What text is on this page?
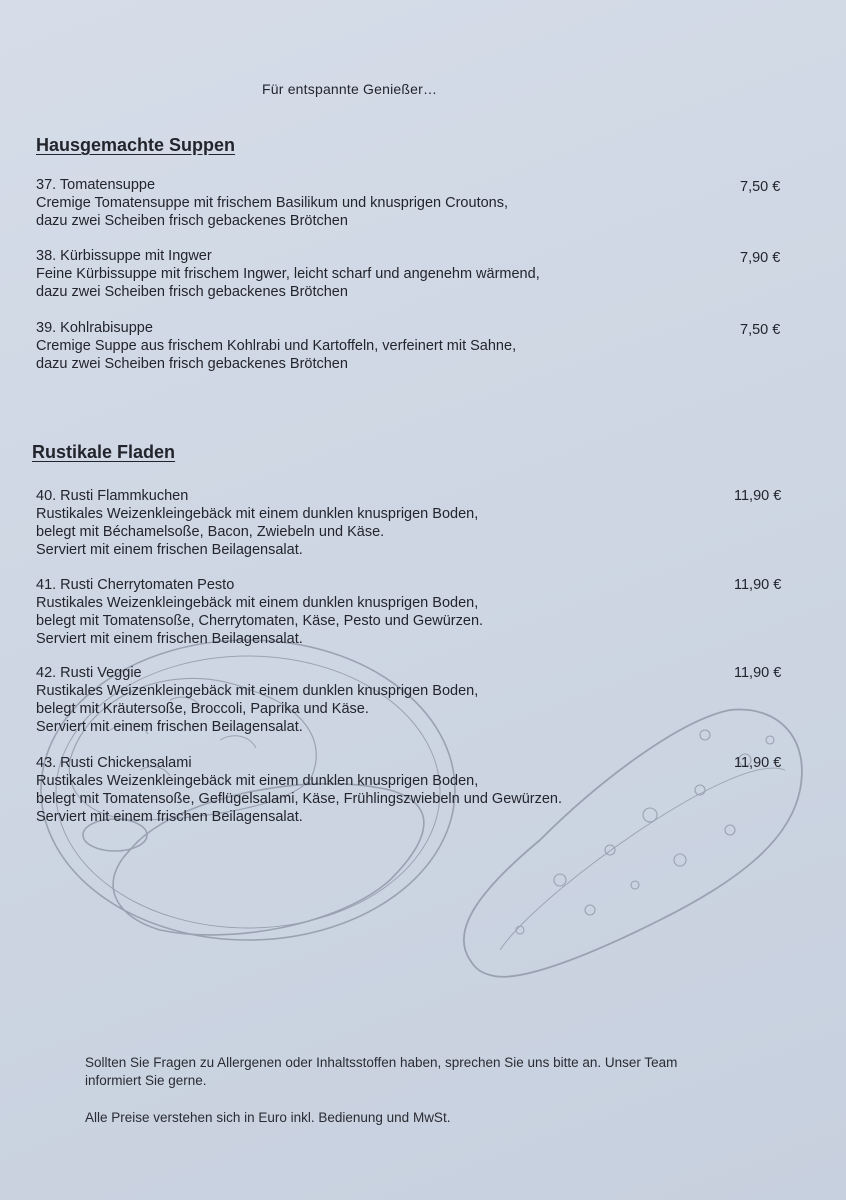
Für entspannte Genießer…
Hausgemachte Suppen
37. Tomatensuppe
Cremige Tomatensuppe mit frischem Basilikum und knusprigen Croutons,
dazu zwei Scheiben frisch gebackenes Brötchen
7,50 €
38. Kürbissuppe mit Ingwer
Feine Kürbissuppe mit frischem Ingwer, leicht scharf und angenehm wärmend,
dazu zwei Scheiben frisch gebackenes Brötchen
7,90 €
39. Kohlrabisuppe
Cremige Suppe aus frischem Kohlrabi und Kartoffeln, verfeinert mit Sahne,
dazu zwei Scheiben frisch gebackenes Brötchen
7,50 €
Rustikale Fladen
40. Rusti Flammkuchen
Rustikales Weizenkleingebäck mit einem dunklen knusprigen Boden,
belegt mit Béchamelsoße, Bacon, Zwiebeln und Käse.
Serviert mit einem frischen Beilagensalat.
11,90 €
41. Rusti Cherrytomaten Pesto
Rustikales Weizenkleingebäck mit einem dunklen knusprigen Boden,
belegt mit Tomatensoße, Cherrytomaten, Käse, Pesto und Gewürzen.
Serviert mit einem frischen Beilagensalat.
11,90 €
42. Rusti Veggie
Rustikales Weizenkleingebäck mit einem dunklen knusprigen Boden,
belegt mit Kräutersoße, Broccoli, Paprika und Käse.
Serviert mit einem frischen Beilagensalat.
11,90 €
43. Rusti Chickensalami
Rustikales Weizenkleingebäck mit einem dunklen knusprigen Boden,
belegt mit Tomatensoße, Geflügelsalami, Käse, Frühlingszwiebeln und Gewürzen.
Serviert mit einem frischen Beilagensalat.
11,90 €
Sollten Sie Fragen zu Allergenen oder Inhaltsstoffen haben, sprechen Sie uns bitte an. Unser Team
informiert Sie gerne.
Alle Preise verstehen sich in Euro inkl. Bedienung und MwSt.
